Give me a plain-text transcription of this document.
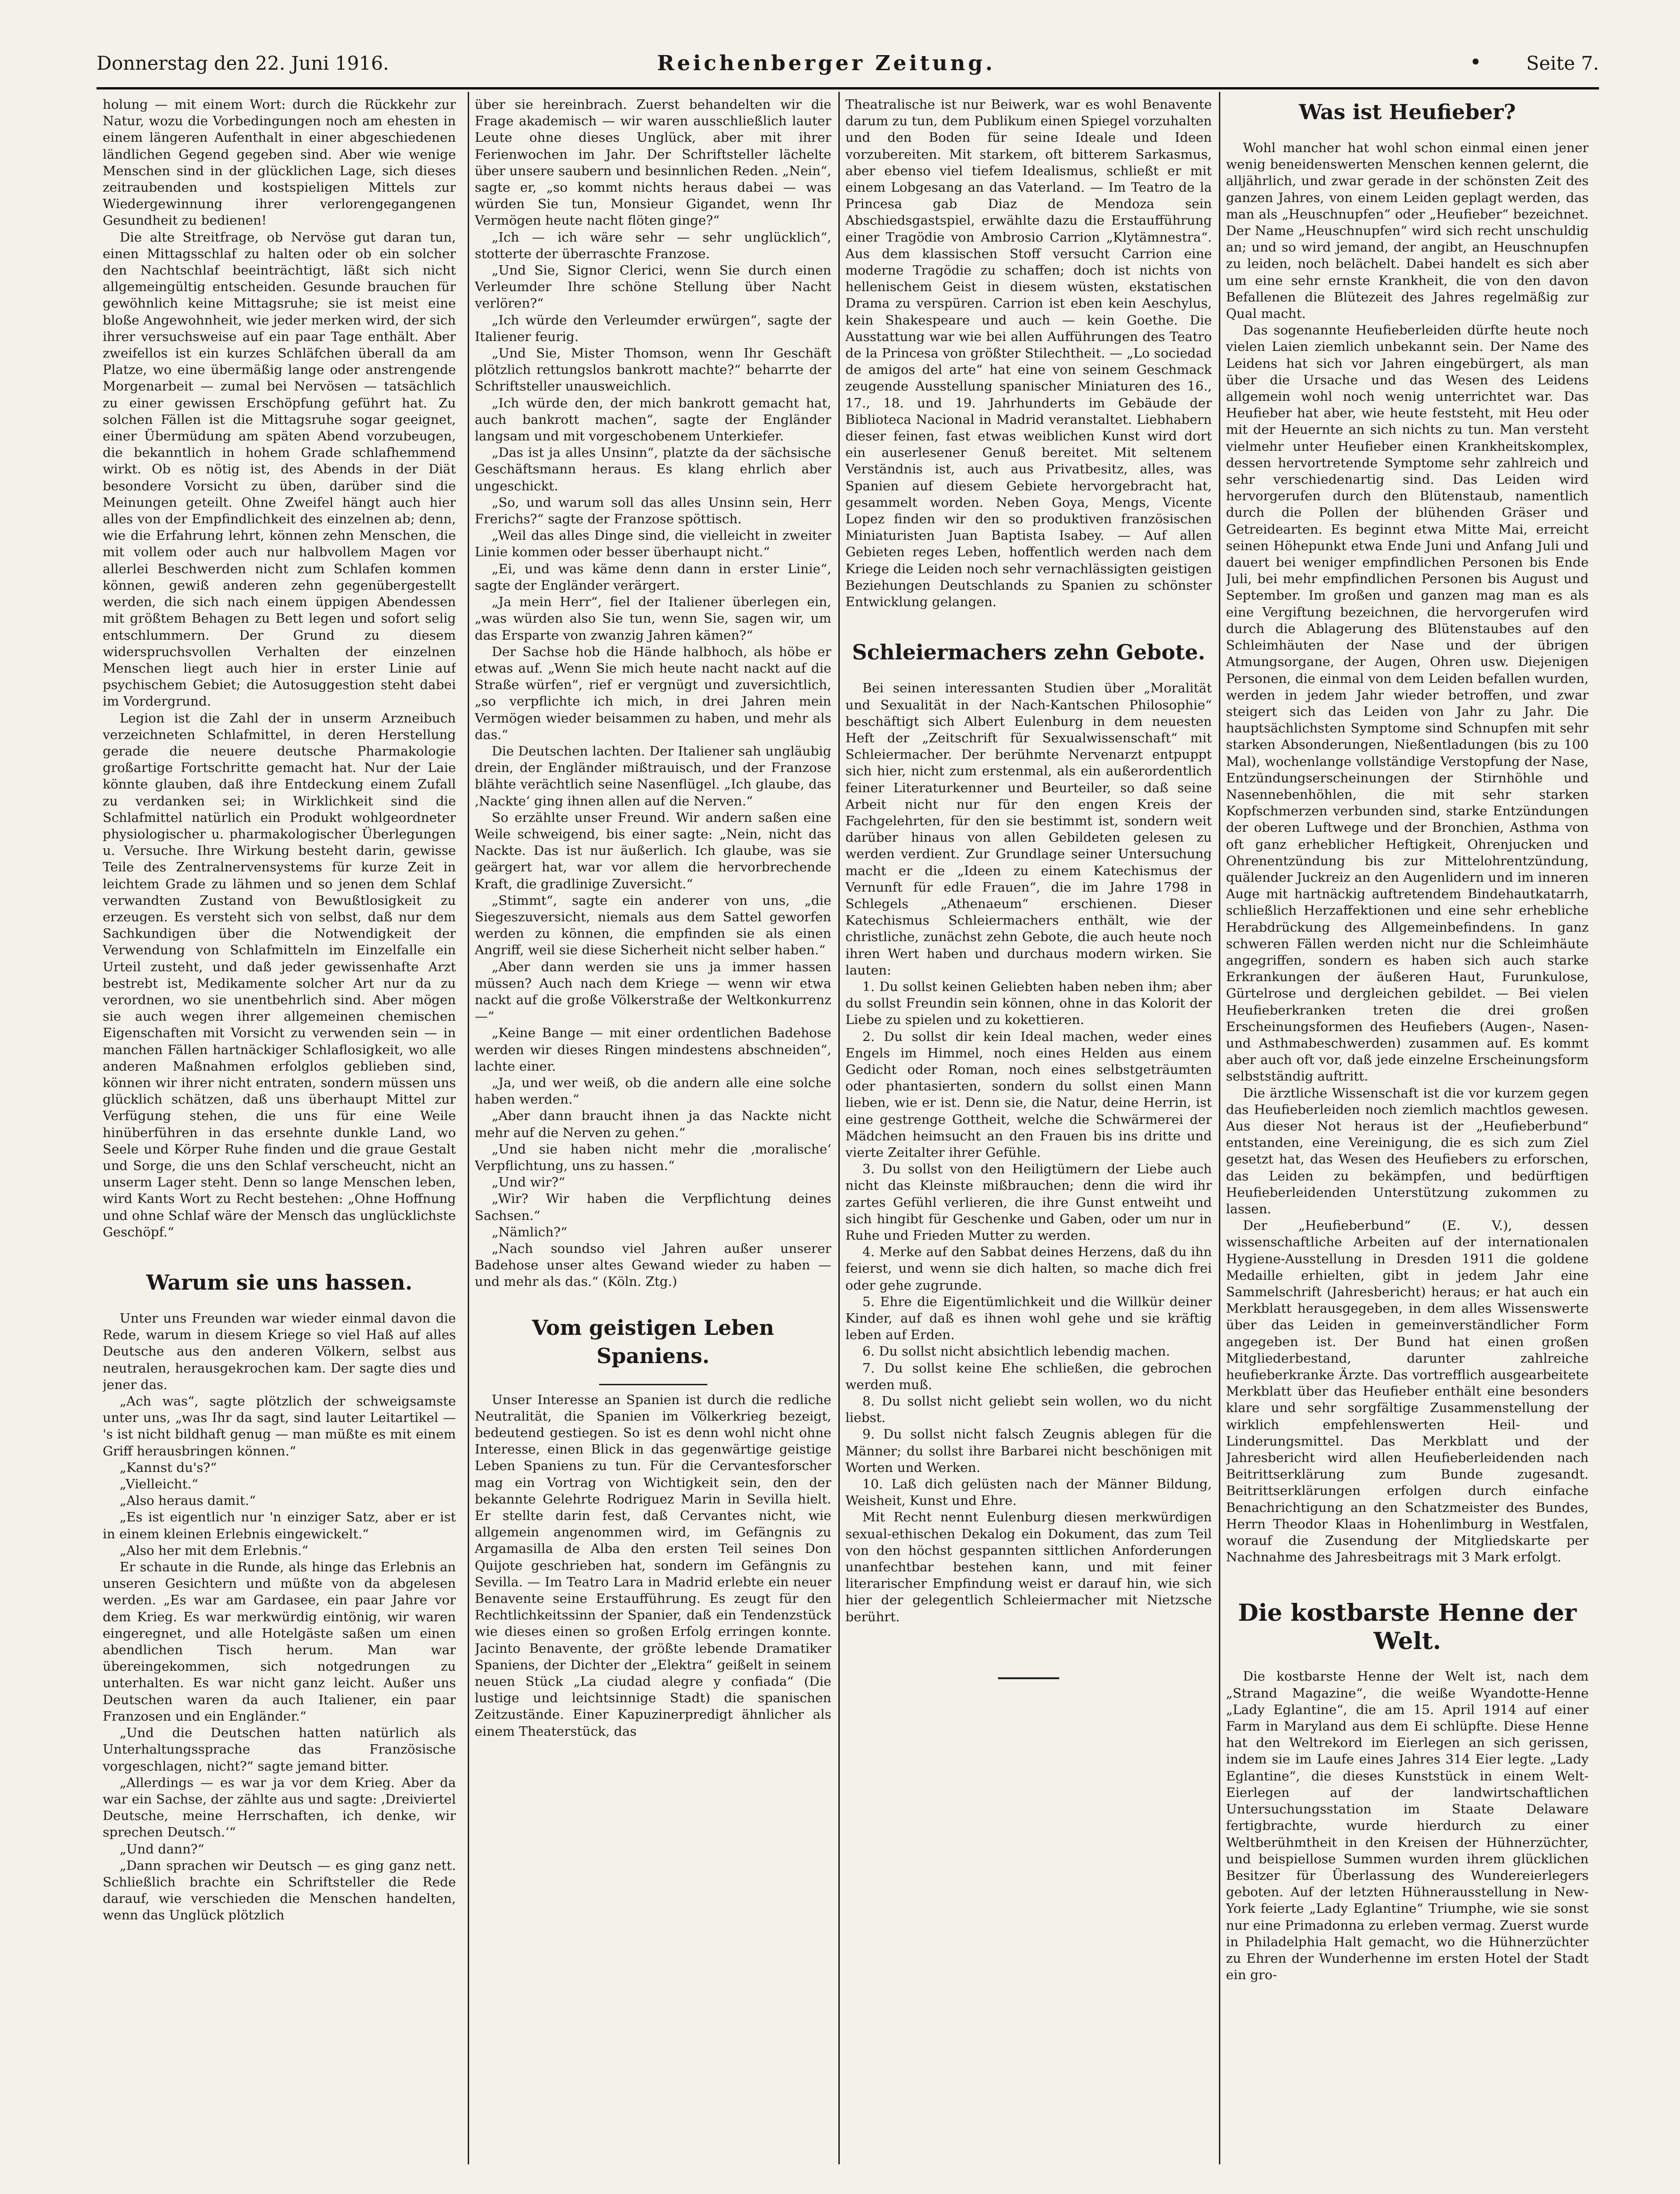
Donnerstag den 22. Juni 1916.	Reichenberger Zeitung.	• Seite 7.

holung — mit einem Wort: durch die Rückkehr zur Natur, wozu die Vorbedingungen noch am ehesten in einem längeren Aufenthalt in einer abgeschiedenen ländlichen Gegend gegeben sind. Aber wie wenige Menschen sind in der glücklichen Lage, sich dieses zeitraubenden und kostspieligen Mittels zur Wiedergewinnung ihrer verlorengegangenen Gesundheit zu bedienen!

Die alte Streitfrage, ob Nervöse gut daran tun, einen Mittagsschlaf zu halten oder ob ein solcher den Nachtschlaf beeinträchtigt, läßt sich nicht allgemeingültig entscheiden. Gesunde brauchen für gewöhnlich keine Mittagsruhe; sie ist meist eine bloße Angewohnheit, wie jeder merken wird, der sich ihrer versuchsweise auf ein paar Tage enthält. Aber zweifellos ist ein kurzes Schläfchen überall da am Platze, wo eine übermäßig lange oder anstrengende Morgenarbeit — zumal bei Nervösen — tatsächlich zu einer gewissen Erschöpfung geführt hat. Zu solchen Fällen ist die Mittagsruhe sogar geeignet, einer Übermüdung am späten Abend vorzubeugen, die bekanntlich in hohem Grade schlafhemmend wirkt. Ob es nötig ist, des Abends in der Diät besondere Vorsicht zu üben, darüber sind die Meinungen geteilt. Ohne Zweifel hängt auch hier alles von der Empfindlichkeit des einzelnen ab; denn, wie die Erfahrung lehrt, können zehn Menschen, die mit vollem oder auch nur halbvollem Magen vor allerlei Beschwerden nicht zum Schlafen kommen können, gewiß anderen zehn gegenübergestellt werden, die sich nach einem üppigen Abendessen mit größtem Behagen zu Bett legen und sofort selig entschlummern. Der Grund zu diesem widerspruchsvollen Verhalten der einzelnen Menschen liegt auch hier in erster Linie auf psychischem Gebiet; die Autosuggestion steht dabei im Vordergrund.

Legion ist die Zahl der in unserm Arzneibuch verzeichneten Schlafmittel, in deren Herstellung gerade die neuere deutsche Pharmakologie großartige Fortschritte gemacht hat. Nur der Laie könnte glauben, daß ihre Entdeckung einem Zufall zu verdanken sei; in Wirklichkeit sind die Schlafmittel natürlich ein Produkt wohlgeordneter physiologischer u. pharmakologischer Überlegungen u. Versuche. Ihre Wirkung besteht darin, gewisse Teile des Zentralnervensystems für kurze Zeit in leichtem Grade zu lähmen und so jenen dem Schlaf verwandten Zustand von Bewußtlosigkeit zu erzeugen. Es versteht sich von selbst, daß nur dem Sachkundigen über die Notwendigkeit der Verwendung von Schlafmitteln im Einzelfalle ein Urteil zusteht, und daß jeder gewissenhafte Arzt bestrebt ist, Medikamente solcher Art nur da zu verordnen, wo sie unentbehrlich sind. Aber mögen sie auch wegen ihrer allgemeinen chemischen Eigenschaften mit Vorsicht zu verwenden sein — in manchen Fällen hartnäckiger Schlaflosigkeit, wo alle anderen Maßnahmen erfolglos geblieben sind, können wir ihrer nicht entraten, sondern müssen uns glücklich schätzen, daß uns überhaupt Mittel zur Verfügung stehen, die uns für eine Weile hinüberführen in das ersehnte dunkle Land, wo Seele und Körper Ruhe finden und die graue Gestalt und Sorge, die uns den Schlaf verscheucht, nicht an unserm Lager steht. Denn so lange Menschen leben, wird Kants Wort zu Recht bestehen: „Ohne Hoffnung und ohne Schlaf wäre der Mensch das unglücklichste Geschöpf.“

Warum sie uns hassen.

Unter uns Freunden war wieder einmal davon die Rede, warum in diesem Kriege so viel Haß auf alles Deutsche aus den anderen Völkern, selbst aus neutralen, herausgekrochen kam. Der sagte dies und jener das.

„Ach was“, sagte plötzlich der schweigsamste unter uns, „was Ihr da sagt, sind lauter Leitartikel — 's ist nicht bildhaft genug — man müßte es mit einem Griff herausbringen können.“

„Kannst du's?“

„Vielleicht.“

„Also heraus damit.“

„Es ist eigentlich nur 'n einziger Satz, aber er ist in einem kleinen Erlebnis eingewickelt.“

„Also her mit dem Erlebnis.“

Er schaute in die Runde, als hinge das Erlebnis an unseren Gesichtern und müßte von da abgelesen werden. „Es war am Gardasee, ein paar Jahre vor dem Krieg. Es war merkwürdig eintönig, wir waren eingeregnet, und alle Hotelgäste saßen um einen abendlichen Tisch herum. Man war übereingekommen, sich notgedrungen zu unterhalten. Es war nicht ganz leicht. Außer uns Deutschen waren da auch Italiener, ein paar Franzosen und ein Engländer.“

„Und die Deutschen hatten natürlich als Unterhaltungssprache das Französische vorgeschlagen, nicht?“ sagte jemand bitter.

„Allerdings — es war ja vor dem Krieg. Aber da war ein Sachse, der zählte aus und sagte: ‚Dreiviertel Deutsche, meine Herrschaften, ich denke, wir sprechen Deutsch.‘“

„Und dann?“

„Dann sprachen wir Deutsch — es ging ganz nett. Schließlich brachte ein Schriftsteller die Rede darauf, wie verschieden die Menschen handelten, wenn das Unglück plötzlich

über sie hereinbrach. Zuerst behandelten wir die Frage akademisch — wir waren ausschließlich lauter Leute ohne dieses Unglück, aber mit ihrer Ferienwochen im Jahr. Der Schriftsteller lächelte über unsere saubern und besinnlichen Reden. „Nein“, sagte er, „so kommt nichts heraus dabei — was würden Sie tun, Monsieur Gigandet, wenn Ihr Vermögen heute nacht flöten ginge?“

„Ich — ich wäre sehr — sehr unglücklich“, stotterte der überraschte Franzose.

„Und Sie, Signor Clerici, wenn Sie durch einen Verleumder Ihre schöne Stellung über Nacht verlören?“

„Ich würde den Verleumder erwürgen“, sagte der Italiener feurig.

„Und Sie, Mister Thomson, wenn Ihr Geschäft plötzlich rettungslos bankrott machte?“ beharrte der Schriftsteller unausweichlich.

„Ich würde den, der mich bankrott gemacht hat, auch bankrott machen“, sagte der Engländer langsam und mit vorgeschobenem Unterkiefer.

„Das ist ja alles Unsinn“, platzte da der sächsische Geschäftsmann heraus. Es klang ehrlich aber ungeschickt.

„So, und warum soll das alles Unsinn sein, Herr Frerichs?“ sagte der Franzose spöttisch.

„Weil das alles Dinge sind, die vielleicht in zweiter Linie kommen oder besser überhaupt nicht.“

„Ei, und was käme denn dann in erster Linie“, sagte der Engländer verärgert.

„Ja mein Herr“, fiel der Italiener überlegen ein, „was würden also Sie tun, wenn Sie, sagen wir, um das Ersparte von zwanzig Jahren kämen?“

Der Sachse hob die Hände halbhoch, als höbe er etwas auf. „Wenn Sie mich heute nacht nackt auf die Straße würfen“, rief er vergnügt und zuversichtlich, „so verpflichte ich mich, in drei Jahren mein Vermögen wieder beisammen zu haben, und mehr als das.“

Die Deutschen lachten. Der Italiener sah ungläubig drein, der Engländer mißtrauisch, und der Franzose blähte verächtlich seine Nasenflügel. „Ich glaube, das ‚Nackte‘ ging ihnen allen auf die Nerven.“

So erzählte unser Freund. Wir andern saßen eine Weile schweigend, bis einer sagte: „Nein, nicht das Nackte. Das ist nur äußerlich. Ich glaube, was sie geärgert hat, war vor allem die hervorbrechende Kraft, die gradlinige Zuversicht.“

„Stimmt“, sagte ein anderer von uns, „die Siegeszuversicht, niemals aus dem Sattel geworfen werden zu können, die empfinden sie als einen Angriff, weil sie diese Sicherheit nicht selber haben.“

„Aber dann werden sie uns ja immer hassen müssen? Auch nach dem Kriege — wenn wir etwa nackt auf die große Völkerstraße der Weltkonkurrenz —“

„Keine Bange — mit einer ordentlichen Badehose werden wir dieses Ringen mindestens abschneiden“, lachte einer.

„Ja, und wer weiß, ob die andern alle eine solche haben werden.“

„Aber dann braucht ihnen ja das Nackte nicht mehr auf die Nerven zu gehen.“

„Und sie haben nicht mehr die ‚moralische‘ Verpflichtung, uns zu hassen.“

„Und wir?“

„Wir? Wir haben die Verpflichtung deines Sachsen.“

„Nämlich?“

„Nach soundso viel Jahren außer unserer Badehose unser altes Gewand wieder zu haben — und mehr als das.“ (Köln. Ztg.)

Vom geistigen Leben Spaniens.

Unser Interesse an Spanien ist durch die redliche Neutralität, die Spanien im Völkerkrieg bezeigt, bedeutend gestiegen. So ist es denn wohl nicht ohne Interesse, einen Blick in das gegenwärtige geistige Leben Spaniens zu tun. Für die Cervantesforscher mag ein Vortrag von Wichtigkeit sein, den der bekannte Gelehrte Rodriguez Marin in Sevilla hielt. Er stellte darin fest, daß Cervantes nicht, wie allgemein angenommen wird, im Gefängnis zu Argamasilla de Alba den ersten Teil seines Don Quijote geschrieben hat, sondern im Gefängnis zu Sevilla. — Im Teatro Lara in Madrid erlebte ein neuer Benavente seine Erstaufführung. Es zeugt für den Rechtlichkeitssinn der Spanier, daß ein Tendenzstück wie dieses einen so großen Erfolg erringen konnte. Jacinto Benavente, der größte lebende Dramatiker Spaniens, der Dichter der „Elektra“ geißelt in seinem neuen Stück „La ciudad alegre y confiada“ (Die lustige und leichtsinnige Stadt) die spanischen Zeitzustände. Einer Kapuzinerpredigt ähnlicher als einem Theaterstück, das

Theatralische ist nur Beiwerk, war es wohl Benavente darum zu tun, dem Publikum einen Spiegel vorzuhalten und den Boden für seine Ideale und Ideen vorzubereiten. Mit starkem, oft bitterem Sarkasmus, aber ebenso viel tiefem Idealismus, schließt er mit einem Lobgesang an das Vaterland. — Im Teatro de la Princesa gab Diaz de Mendoza sein Abschiedsgastspiel, erwählte dazu die Erstaufführung einer Tragödie von Ambrosio Carrion „Klytämnestra“. Aus dem klassischen Stoff versucht Carrion eine moderne Tragödie zu schaffen; doch ist nichts von hellenischem Geist in diesem wüsten, ekstatischen Drama zu verspüren. Carrion ist eben kein Aeschylus, kein Shakespeare und auch — kein Goethe. Die Ausstattung war wie bei allen Aufführungen des Teatro de la Princesa von größter Stilechtheit. — „Lo sociedad de amigos del arte“ hat eine von seinem Geschmack zeugende Ausstellung spanischer Miniaturen des 16., 17., 18. und 19. Jahrhunderts im Gebäude der Biblioteca Nacional in Madrid veranstaltet. Liebhabern dieser feinen, fast etwas weiblichen Kunst wird dort ein auserlesener Genuß bereitet. Mit seltenem Verständnis ist, auch aus Privatbesitz, alles, was Spanien auf diesem Gebiete hervorgebracht hat, gesammelt worden. Neben Goya, Mengs, Vicente Lopez finden wir den so produktiven französischen Miniaturisten Juan Baptista Isabey. — Auf allen Gebieten reges Leben, hoffentlich werden nach dem Kriege die Leiden noch sehr vernachlässigten geistigen Beziehungen Deutschlands zu Spanien zu schönster Entwicklung gelangen.

Schleiermachers zehn Gebote.

Bei seinen interessanten Studien über „Moralität und Sexualität in der Nach-Kantschen Philosophie“ beschäftigt sich Albert Eulenburg in dem neuesten Heft der „Zeitschrift für Sexualwissenschaft“ mit Schleiermacher. Der berühmte Nervenarzt entpuppt sich hier, nicht zum erstenmal, als ein außerordentlich feiner Literaturkenner und Beurteiler, so daß seine Arbeit nicht nur für den engen Kreis der Fachgelehrten, für den sie bestimmt ist, sondern weit darüber hinaus von allen Gebildeten gelesen zu werden verdient. Zur Grundlage seiner Untersuchung macht er die „Ideen zu einem Katechismus der Vernunft für edle Frauen“, die im Jahre 1798 in Schlegels „Athenaeum“ erschienen. Dieser Katechismus Schleiermachers enthält, wie der christliche, zunächst zehn Gebote, die auch heute noch ihren Wert haben und durchaus modern wirken. Sie lauten:

1. Du sollst keinen Geliebten haben neben ihm; aber du sollst Freundin sein können, ohne in das Kolorit der Liebe zu spielen und zu kokettieren.

2. Du sollst dir kein Ideal machen, weder eines Engels im Himmel, noch eines Helden aus einem Gedicht oder Roman, noch eines selbstgeträumten oder phantasierten, sondern du sollst einen Mann lieben, wie er ist. Denn sie, die Natur, deine Herrin, ist eine gestrenge Gottheit, welche die Schwärmerei der Mädchen heimsucht an den Frauen bis ins dritte und vierte Zeitalter ihrer Gefühle.

3. Du sollst von den Heiligtümern der Liebe auch nicht das Kleinste mißbrauchen; denn die wird ihr zartes Gefühl verlieren, die ihre Gunst entweiht und sich hingibt für Geschenke und Gaben, oder um nur in Ruhe und Frieden Mutter zu werden.

4. Merke auf den Sabbat deines Herzens, daß du ihn feierst, und wenn sie dich halten, so mache dich frei oder gehe zugrunde.

5. Ehre die Eigentümlichkeit und die Willkür deiner Kinder, auf daß es ihnen wohl gehe und sie kräftig leben auf Erden.

6. Du sollst nicht absichtlich lebendig machen.

7. Du sollst keine Ehe schließen, die gebrochen werden muß.

8. Du sollst nicht geliebt sein wollen, wo du nicht liebst.

9. Du sollst nicht falsch Zeugnis ablegen für die Männer; du sollst ihre Barbarei nicht beschönigen mit Worten und Werken.

10. Laß dich gelüsten nach der Männer Bildung, Weisheit, Kunst und Ehre.

Mit Recht nennt Eulenburg diesen merkwürdigen sexual-ethischen Dekalog ein Dokument, das zum Teil von den höchst gespannten sittlichen Anforderungen unanfechtbar bestehen kann, und mit feiner literarischer Empfindung weist er darauf hin, wie sich hier der gelegentlich Schleiermacher mit Nietzsche berührt.

Was ist Heufieber?

Wohl mancher hat wohl schon einmal einen jener wenig beneidenswerten Menschen kennen gelernt, die alljährlich, und zwar gerade in der schönsten Zeit des ganzen Jahres, von einem Leiden geplagt werden, das man als „Heuschnupfen“ oder „Heufieber“ bezeichnet. Der Name „Heuschnupfen“ wird sich recht unschuldig an; und so wird jemand, der angibt, an Heuschnupfen zu leiden, noch belächelt. Dabei handelt es sich aber um eine sehr ernste Krankheit, die von den davon Befallenen die Blütezeit des Jahres regelmäßig zur Qual macht.

Das sogenannte Heufieberleiden dürfte heute noch vielen Laien ziemlich unbekannt sein. Der Name des Leidens hat sich vor Jahren eingebürgert, als man über die Ursache und das Wesen des Leidens allgemein wohl noch wenig unterrichtet war. Das Heufieber hat aber, wie heute feststeht, mit Heu oder mit der Heuernte an sich nichts zu tun. Man versteht vielmehr unter Heufieber einen Krankheitskomplex, dessen hervortretende Symptome sehr zahlreich und sehr verschiedenartig sind. Das Leiden wird hervorgerufen durch den Blütenstaub, namentlich durch die Pollen der blühenden Gräser und Getreidearten. Es beginnt etwa Mitte Mai, erreicht seinen Höhepunkt etwa Ende Juni und Anfang Juli und dauert bei weniger empfindlichen Personen bis Ende Juli, bei mehr empfindlichen Personen bis August und September. Im großen und ganzen mag man es als eine Vergiftung bezeichnen, die hervorgerufen wird durch die Ablagerung des Blütenstaubes auf den Schleimhäuten der Nase und der übrigen Atmungsorgane, der Augen, Ohren usw. Diejenigen Personen, die einmal von dem Leiden befallen wurden, werden in jedem Jahr wieder betroffen, und zwar steigert sich das Leiden von Jahr zu Jahr. Die hauptsächlichsten Symptome sind Schnupfen mit sehr starken Absonderungen, Nießentladungen (bis zu 100 Mal), wochenlange vollständige Verstopfung der Nase, Entzündungserscheinungen der Stirnhöhle und Nasennebenhöhlen, die mit sehr starken Kopfschmerzen verbunden sind, starke Entzündungen der oberen Luftwege und der Bronchien, Asthma von oft ganz erheblicher Heftigkeit, Ohrenjucken und Ohrenentzündung bis zur Mittelohrentzündung, quälender Juckreiz an den Augenlidern und im inneren Auge mit hartnäckig auftretendem Bindehautkatarrh, schließlich Herzaffektionen und eine sehr erhebliche Herabdrückung des Allgemeinbefindens. In ganz schweren Fällen werden nicht nur die Schleimhäute angegriffen, sondern es haben sich auch starke Erkrankungen der äußeren Haut, Furunkulose, Gürtelrose und dergleichen gebildet. — Bei vielen Heufieberkranken treten die drei großen Erscheinungsformen des Heufiebers (Augen-, Nasen- und Asthmabeschwerden) zusammen auf. Es kommt aber auch oft vor, daß jede einzelne Erscheinungsform selbstständig auftritt.

Die ärztliche Wissenschaft ist die vor kurzem gegen das Heufieberleiden noch ziemlich machtlos gewesen. Aus dieser Not heraus ist der „Heufieberbund“ entstanden, eine Vereinigung, die es sich zum Ziel gesetzt hat, das Wesen des Heufiebers zu erforschen, das Leiden zu bekämpfen, und bedürftigen Heufieberleidenden Unterstützung zukommen zu lassen.

Der „Heufieberbund“ (E. V.), dessen wissenschaftliche Arbeiten auf der internationalen Hygiene-Ausstellung in Dresden 1911 die goldene Medaille erhielten, gibt in jedem Jahr eine Sammelschrift (Jahresbericht) heraus; er hat auch ein Merkblatt herausgegeben, in dem alles Wissenswerte über das Leiden in gemeinverständlicher Form angegeben ist. Der Bund hat einen großen Mitgliederbestand, darunter zahlreiche heufieberkranke Ärzte. Das vortrefflich ausgearbeitete Merkblatt über das Heufieber enthält eine besonders klare und sehr sorgfältige Zusammenstellung der wirklich empfehlenswerten Heil- und Linderungsmittel. Das Merkblatt und der Jahresbericht wird allen Heufieberleidenden nach Beitrittserklärung zum Bunde zugesandt. Beitrittserklärungen erfolgen durch einfache Benachrichtigung an den Schatzmeister des Bundes, Herrn Theodor Klaas in Hohenlimburg in Westfalen, worauf die Zusendung der Mitgliedskarte per Nachnahme des Jahresbeitrags mit 3 Mark erfolgt.

Die kostbarste Henne der Welt.

Die kostbarste Henne der Welt ist, nach dem „Strand Magazine“, die weiße Wyandotte-Henne „Lady Eglantine“, die am 15. April 1914 auf einer Farm in Maryland aus dem Ei schlüpfte. Diese Henne hat den Weltrekord im Eierlegen an sich gerissen, indem sie im Laufe eines Jahres 314 Eier legte. „Lady Eglantine“, die dieses Kunststück in einem Welt-Eierlegen auf der landwirtschaftlichen Untersuchungsstation im Staate Delaware fertigbrachte, wurde hierdurch zu einer Weltberühmtheit in den Kreisen der Hühnerzüchter, und beispiellose Summen wurden ihrem glücklichen Besitzer für Überlassung des Wundereierlegers geboten. Auf der letzten Hühnerausstellung in New-York feierte „Lady Eglantine“ Triumphe, wie sie sonst nur eine Primadonna zu erleben vermag. Zuerst wurde in Philadelphia Halt gemacht, wo die Hühnerzüchter zu Ehren der Wunderhenne im ersten Hotel der Stadt ein gro-
